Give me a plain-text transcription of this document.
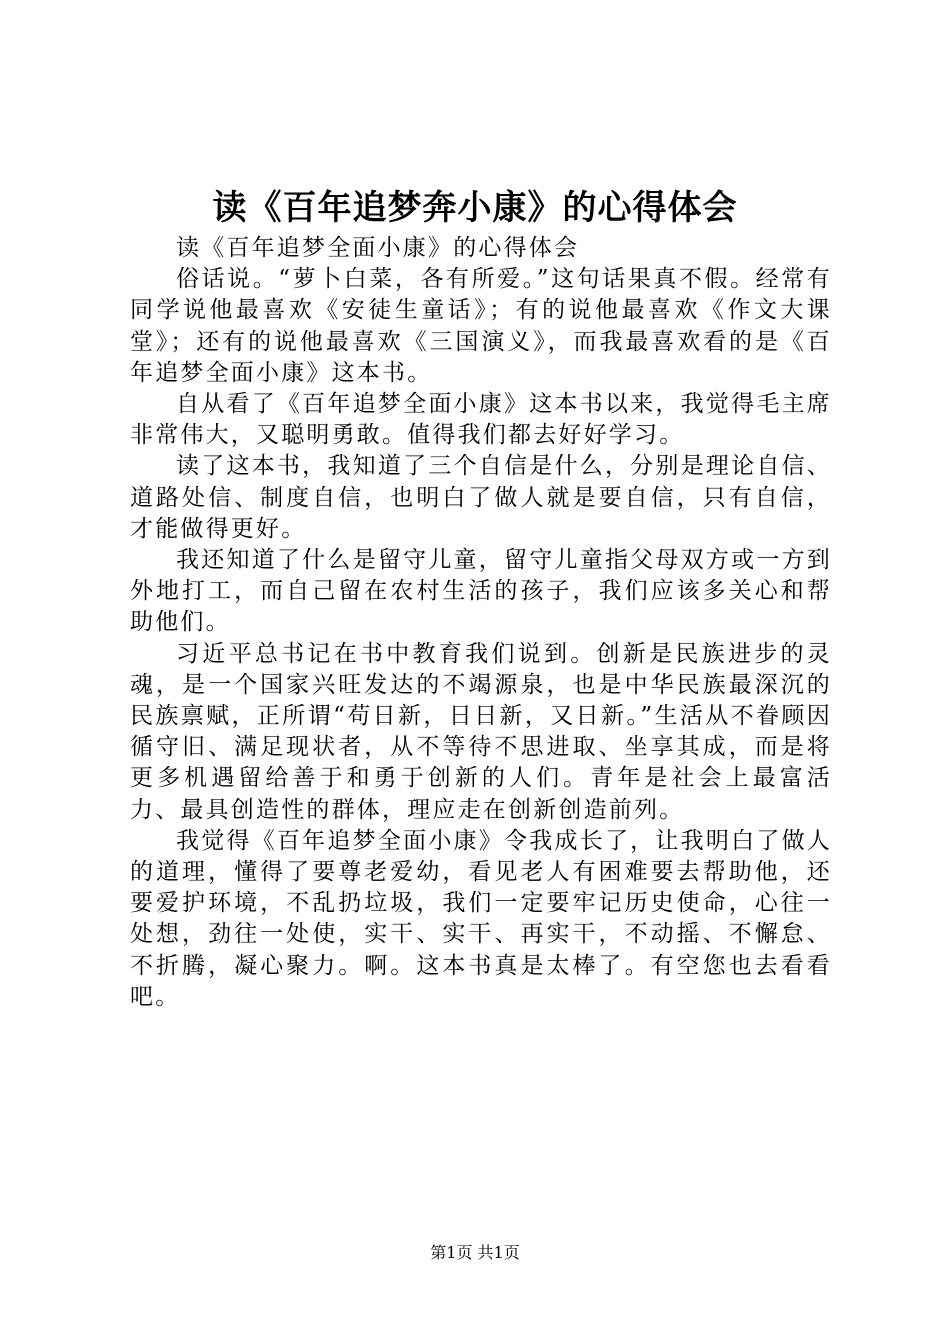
读《百年追梦奔小康》的心得体会

读《百年追梦全面小康》的心得体会

俗话说。“萝卜白菜，各有所爱。”这句话果真不假。经常有同学说他最喜欢《安徒生童话》；有的说他最喜欢《作文大课堂》；还有的说他最喜欢《三国演义》，而我最喜欢看的是《百年追梦全面小康》这本书。

自从看了《百年追梦全面小康》这本书以来，我觉得毛主席非常伟大，又聪明勇敢。值得我们都去好好学习。

读了这本书，我知道了三个自信是什么，分别是理论自信、道路处信、制度自信，也明白了做人就是要自信，只有自信，才能做得更好。

我还知道了什么是留守儿童，留守儿童指父母双方或一方到外地打工，而自己留在农村生活的孩子，我们应该多关心和帮助他们。

习近平总书记在书中教育我们说到。创新是民族进步的灵魂，是一个国家兴旺发达的不竭源泉，也是中华民族最深沉的民族禀赋，正所谓“苟日新，日日新，又日新。”生活从不眷顾因循守旧、满足现状者，从不等待不思进取、坐享其成，而是将更多机遇留给善于和勇于创新的人们。青年是社会上最富活力、最具创造性的群体，理应走在创新创造前列。

我觉得《百年追梦全面小康》令我成长了，让我明白了做人的道理，懂得了要尊老爱幼，看见老人有困难要去帮助他，还要爱护环境，不乱扔垃圾，我们一定要牢记历史使命，心往一处想，劲往一处使，实干、实干、再实干，不动摇、不懈怠、不折腾，凝心聚力。啊。这本书真是太棒了。有空您也去看看吧。

第1页 共1页
